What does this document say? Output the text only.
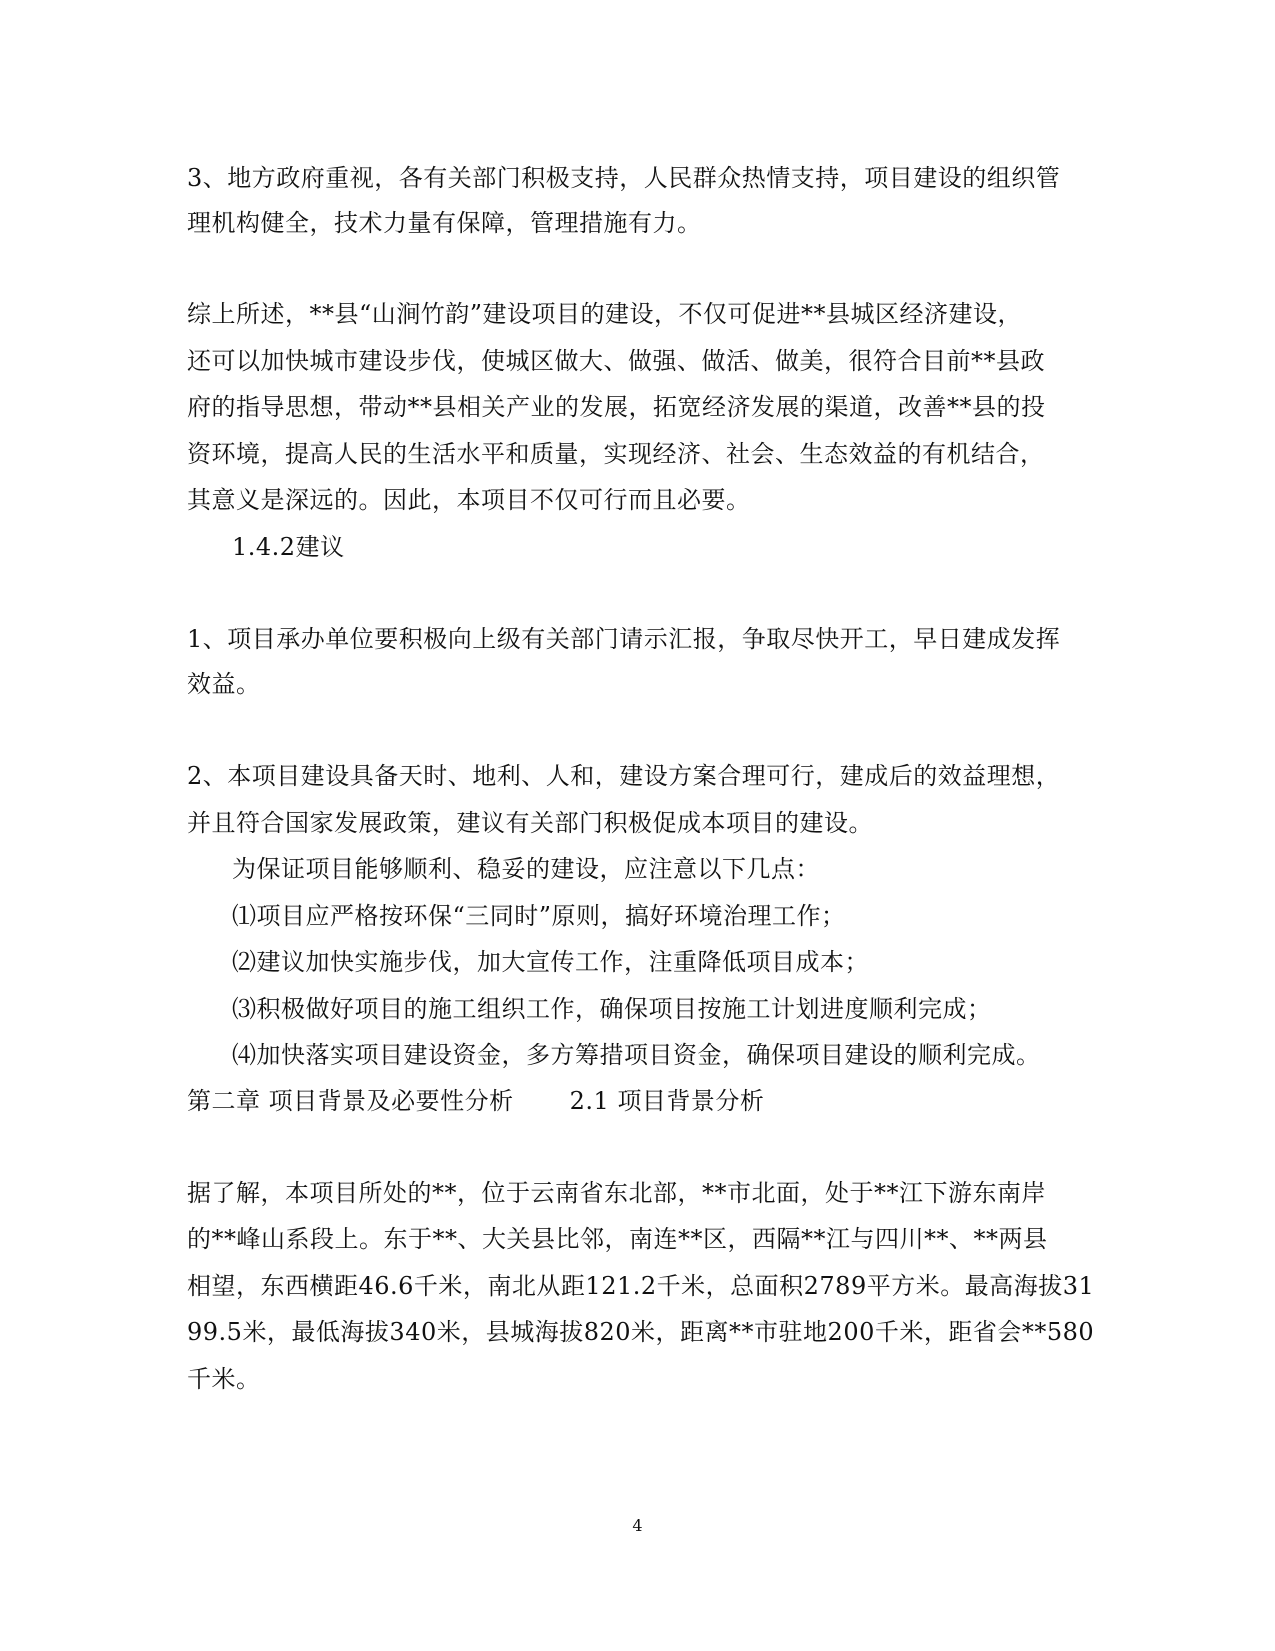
3、地方政府重视，各有关部门积极支持，人民群众热情支持，项目建设的组织管
理机构健全，技术力量有保障，管理措施有力。
综上所述，**县“山涧竹韵”建设项目的建设，不仅可促进**县城区经济建设，
还可以加快城市建设步伐，使城区做大、做强、做活、做美，很符合目前**县政
府的指导思想，带动**县相关产业的发展，拓宽经济发展的渠道，改善**县的投
资环境，提高人民的生活水平和质量，实现经济、社会、生态效益的有机结合，
其意义是深远的。因此，本项目不仅可行而且必要。
1.4.2建议
1、项目承办单位要积极向上级有关部门请示汇报，争取尽快开工，早日建成发挥
效益。
2、本项目建设具备天时、地利、人和，建设方案合理可行，建成后的效益理想，
并且符合国家发展政策，建议有关部门积极促成本项目的建设。
为保证项目能够顺利、稳妥的建设，应注意以下几点：
⑴项目应严格按环保“三同时”原则，搞好环境治理工作；
⑵建议加快实施步伐，加大宣传工作，注重降低项目成本；
⑶积极做好项目的施工组织工作，确保项目按施工计划进度顺利完成；
⑷加快落实项目建设资金，多方筹措项目资金，确保项目建设的顺利完成。
第二章 项目背景及必要性分析 2.1 项目背景分析
据了解，本项目所处的**，位于云南省东北部，**市北面，处于**江下游东南岸
的**峰山系段上。东于**、大关县比邻，南连**区，西隔**江与四川**、**两县
相望，东西横距46.6千米，南北从距121.2千米，总面积2789平方米。最高海拔31
99.5米，最低海拔340米，县城海拔820米，距离**市驻地200千米，距省会**580
千米。
4
